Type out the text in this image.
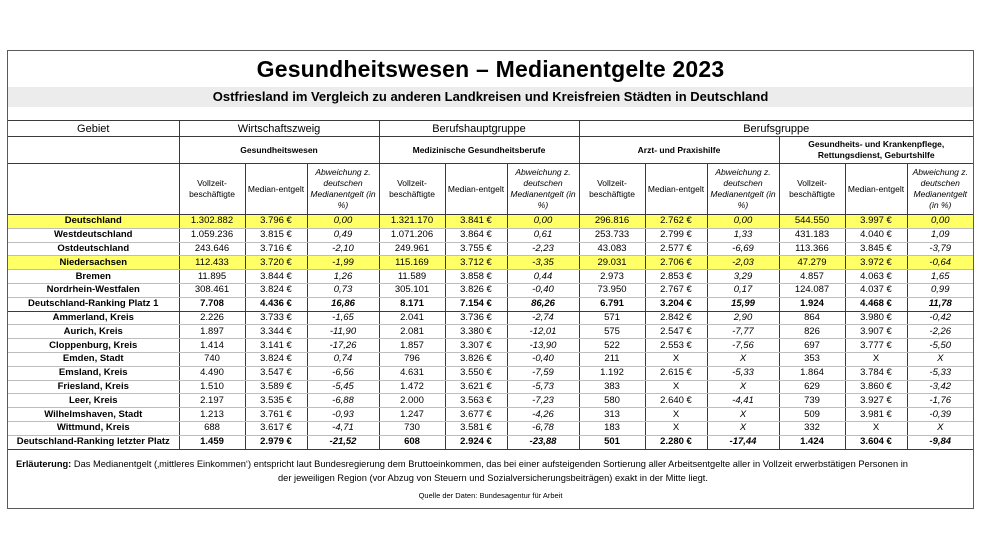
Gesundheitswesen – Medianentgelte 2023
Ostfriesland im Vergleich zu anderen Landkreisen und Kreisfreien Städten in Deutschland
Gebiet	Wirtschaftszweig			Berufshauptgruppe			Berufsgruppe					
	Gesundheitswesen			Medizinische Gesundheitsberufe			Arzt- und Praxishilfe			Gesundheits- und Krankenpflege, Rettungsdienst, Geburtshilfe		
	Vollzeit-beschäftigte	Median-entgelt	Abweichung z. deutschen Medianentgelt (in %)	Vollzeit-beschäftigte	Median-entgelt	Abweichung z. deutschen Medianentgelt (in %)	Vollzeit-beschäftigte	Median-entgelt	Abweichung z. deutschen Medianentgelt (in %)	Vollzeit-beschäftigte	Median-entgelt	Abweichung z. deutschen Medianentgelt (in %)
Deutschland	1.302.882	3.796 €	0,00	1.321.170	3.841 €	0,00	296.816	2.762 €	0,00	544.550	3.997 €	0,00
Westdeutschland	1.059.236	3.815 €	0,49	1.071.206	3.864 €	0,61	253.733	2.799 €	1,33	431.183	4.040 €	1,09
Ostdeutschland	243.646	3.716 €	-2,10	249.961	3.755 €	-2,23	43.083	2.577 €	-6,69	113.366	3.845 €	-3,79
Niedersachsen	112.433	3.720 €	-1,99	115.169	3.712 €	-3,35	29.031	2.706 €	-2,03	47.279	3.972 €	-0,64
Bremen	11.895	3.844 €	1,26	11.589	3.858 €	0,44	2.973	2.853 €	3,29	4.857	4.063 €	1,65
Nordrhein-Westfalen	308.461	3.824 €	0,73	305.101	3.826 €	-0,40	73.950	2.767 €	0,17	124.087	4.037 €	0,99
Deutschland-Ranking Platz 1	7.708	4.436 €	16,86	8.171	7.154 €	86,26	6.791	3.204 €	15,99	1.924	4.468 €	11,78
Ammerland, Kreis	2.226	3.733 €	-1,65	2.041	3.736 €	-2,74	571	2.842 €	2,90	864	3.980 €	-0,42
Aurich, Kreis	1.897	3.344 €	-11,90	2.081	3.380 €	-12,01	575	2.547 €	-7,77	826	3.907 €	-2,26
Cloppenburg, Kreis	1.414	3.141 €	-17,26	1.857	3.307 €	-13,90	522	2.553 €	-7,56	697	3.777 €	-5,50
Emden, Stadt	740	3.824 €	0,74	796	3.826 €	-0,40	211	X	X	353	X	X
Emsland, Kreis	4.490	3.547 €	-6,56	4.631	3.550 €	-7,59	1.192	2.615 €	-5,33	1.864	3.784 €	-5,33
Friesland, Kreis	1.510	3.589 €	-5,45	1.472	3.621 €	-5,73	383	X	X	629	3.860 €	-3,42
Leer, Kreis	2.197	3.535 €	-6,88	2.000	3.563 €	-7,23	580	2.640 €	-4,41	739	3.927 €	-1,76
Wilhelmshaven, Stadt	1.213	3.761 €	-0,93	1.247	3.677 €	-4,26	313	X	X	509	3.981 €	-0,39
Wittmund, Kreis	688	3.617 €	-4,71	730	3.581 €	-6,78	183	X	X	332	X	X
Deutschland-Ranking letzter Platz	1.459	2.979 €	-21,52	608	2.924 €	-23,88	501	2.280 €	-17,44	1.424	3.604 €	-9,84
Erläuterung: Das Medianentgelt (‚mittleres Einkommen‘) entspricht laut Bundesregierung dem Bruttoeinkommen, das bei einer aufsteigenden Sortierung aller Arbeitsentgelte aller in Vollzeit erwerbstätigen Personen in
der jeweiligen Region (vor Abzug von Steuern und Sozialversicherungsbeiträgen) exakt in der Mitte liegt.
Quelle der Daten: Bundesagentur für Arbeit
